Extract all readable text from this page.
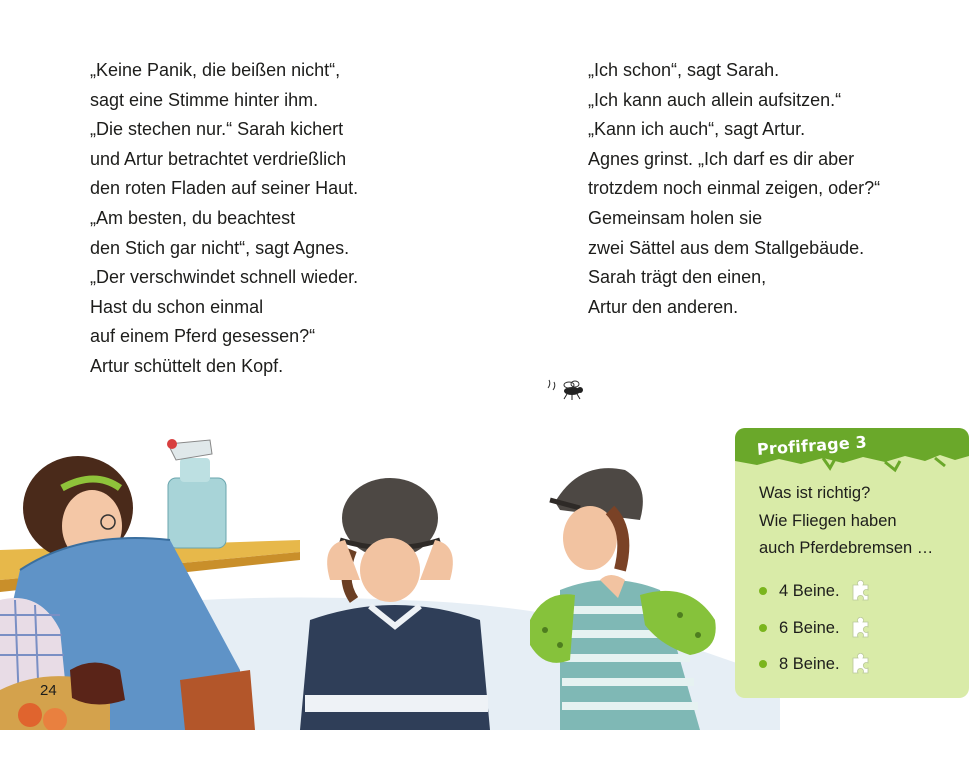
„Keine Panik, die beißen nicht“,
sagt eine Stimme hinter ihm.
„Die stechen nur.“ Sarah kichert
und Artur betrachtet verdrießlich
den roten Fladen auf seiner Haut.
„Am besten, du beachtest
den Stich gar nicht“, sagt Agnes.
„Der verschwindet schnell wieder.
Hast du schon einmal
auf einem Pferd gesessen?“
Artur schüttelt den Kopf.
„Ich schon“, sagt Sarah.
„Ich kann auch allein aufsitzen.“
„Kann ich auch“, sagt Artur.
Agnes grinst. „Ich darf es dir aber
trotzdem noch einmal zeigen, oder?“
Gemeinsam holen sie
zwei Sättel aus dem Stallgebäude.
Sarah trägt den einen,
Artur den anderen.
24
Profifrage 3
Was ist richtig?
Wie Fliegen haben
auch Pferdebremsen …
4 Beine.
6 Beine.
8 Beine.
